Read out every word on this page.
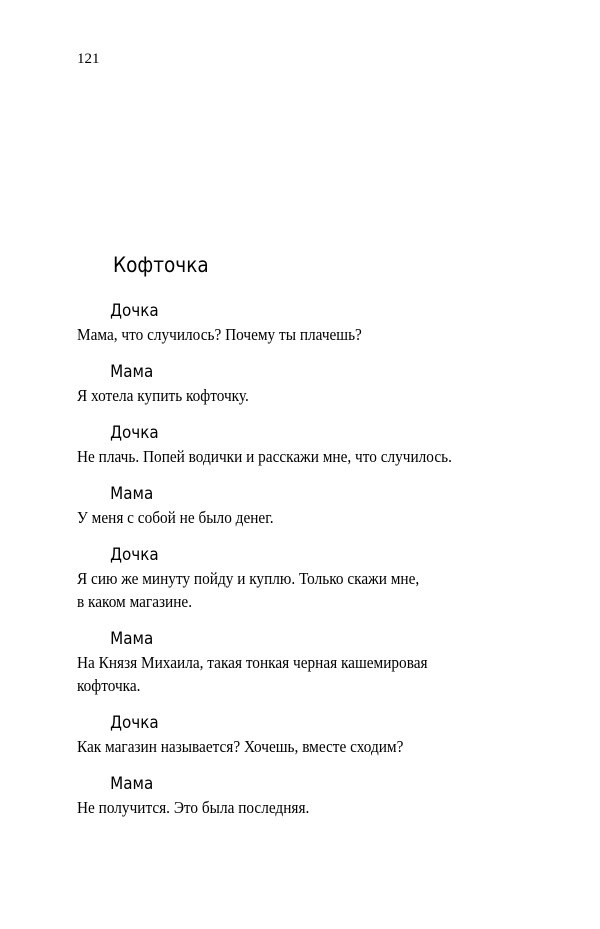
121
Кофточка
Дочка
Мама, что случилось? Почему ты плачешь?
Мама
Я хотела купить кофточку.
Дочка
Не плачь. Попей водички и расскажи мне, что случилось.
Мама
У меня с собой не было денег.
Дочка
Я сию же минуту пойду и куплю. Только скажи мне,
в каком магазине.
Мама
На Князя Михаила, такая тонкая черная кашемировая
кофточка.
Дочка
Как магазин называется? Хочешь, вместе сходим?
Мама
Не получится. Это была последняя.
